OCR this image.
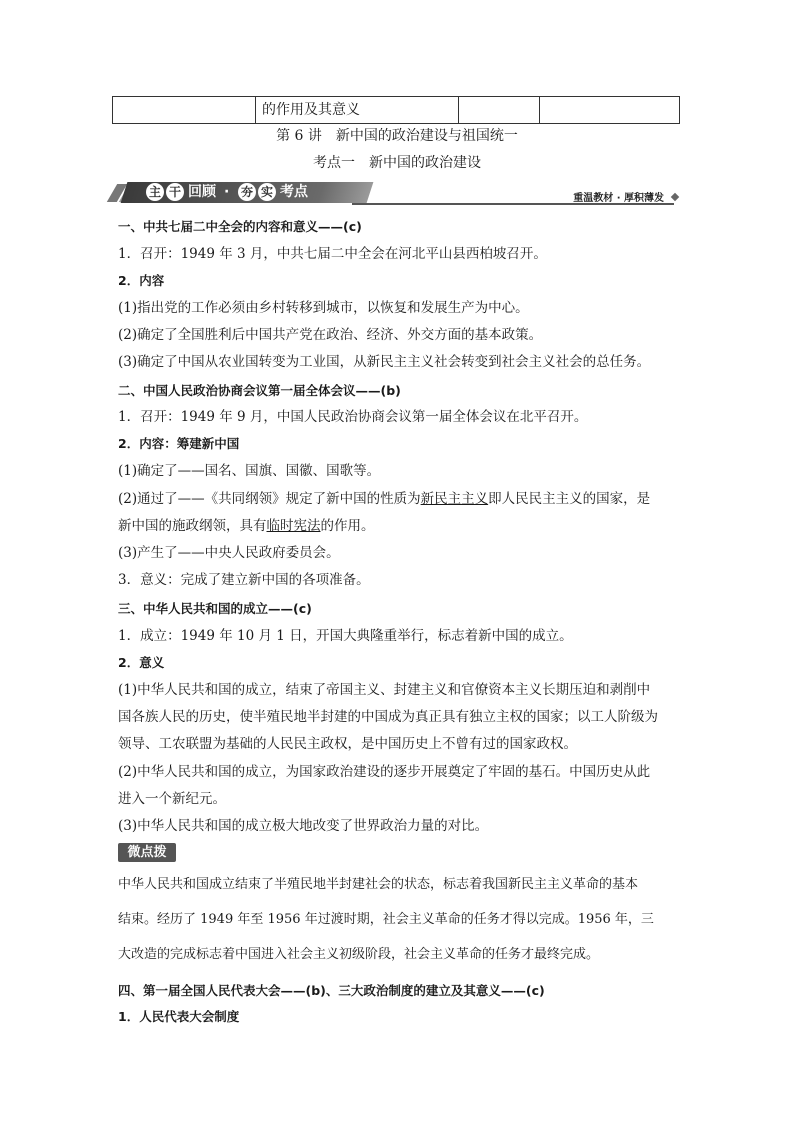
的作用及其意义
第 6 讲　新中国的政治建设与祖国统一
考点一　新中国的政治建设
主 干 回顾 · 夯 实 考点	重温教材 · 厚积薄发
一、中共七届二中全会的内容和意义——(c)
1．召开：1949 年 3 月，中共七届二中全会在河北平山县西柏坡召开。
2．内容
(1)指出党的工作必须由乡村转移到城市，以恢复和发展生产为中心。
(2)确定了全国胜利后中国共产党在政治、经济、外交方面的基本政策。
(3)确定了中国从农业国转变为工业国，从新民主主义社会转变到社会主义社会的总任务。
二、中国人民政治协商会议第一届全体会议——(b)
1．召开：1949 年 9 月，中国人民政治协商会议第一届全体会议在北平召开。
2．内容：筹建新中国
(1)确定了——国名、国旗、国徽、国歌等。
(2)通过了——《共同纲领》规定了新中国的性质为新民主主义即人民民主主义的国家，是
新中国的施政纲领，具有临时宪法的作用。
(3)产生了——中央人民政府委员会。
3．意义：完成了建立新中国的各项准备。
三、中华人民共和国的成立——(c)
1．成立：1949 年 10 月 1 日，开国大典隆重举行，标志着新中国的成立。
2．意义
(1)中华人民共和国的成立，结束了帝国主义、封建主义和官僚资本主义长期压迫和剥削中
国各族人民的历史，使半殖民地半封建的中国成为真正具有独立主权的国家；以工人阶级为
领导、工农联盟为基础的人民民主政权，是中国历史上不曾有过的国家政权。
(2)中华人民共和国的成立，为国家政治建设的逐步开展奠定了牢固的基石。中国历史从此
进入一个新纪元。
(3)中华人民共和国的成立极大地改变了世界政治力量的对比。
微点拨
中华人民共和国成立结束了半殖民地半封建社会的状态，标志着我国新民主主义革命的基本
结束。经历了 1949 年至 1956 年过渡时期，社会主义革命的任务才得以完成。1956 年，三
大改造的完成标志着中国进入社会主义初级阶段，社会主义革命的任务才最终完成。
四、第一届全国人民代表大会——(b)、三大政治制度的建立及其意义——(c)
1．人民代表大会制度
